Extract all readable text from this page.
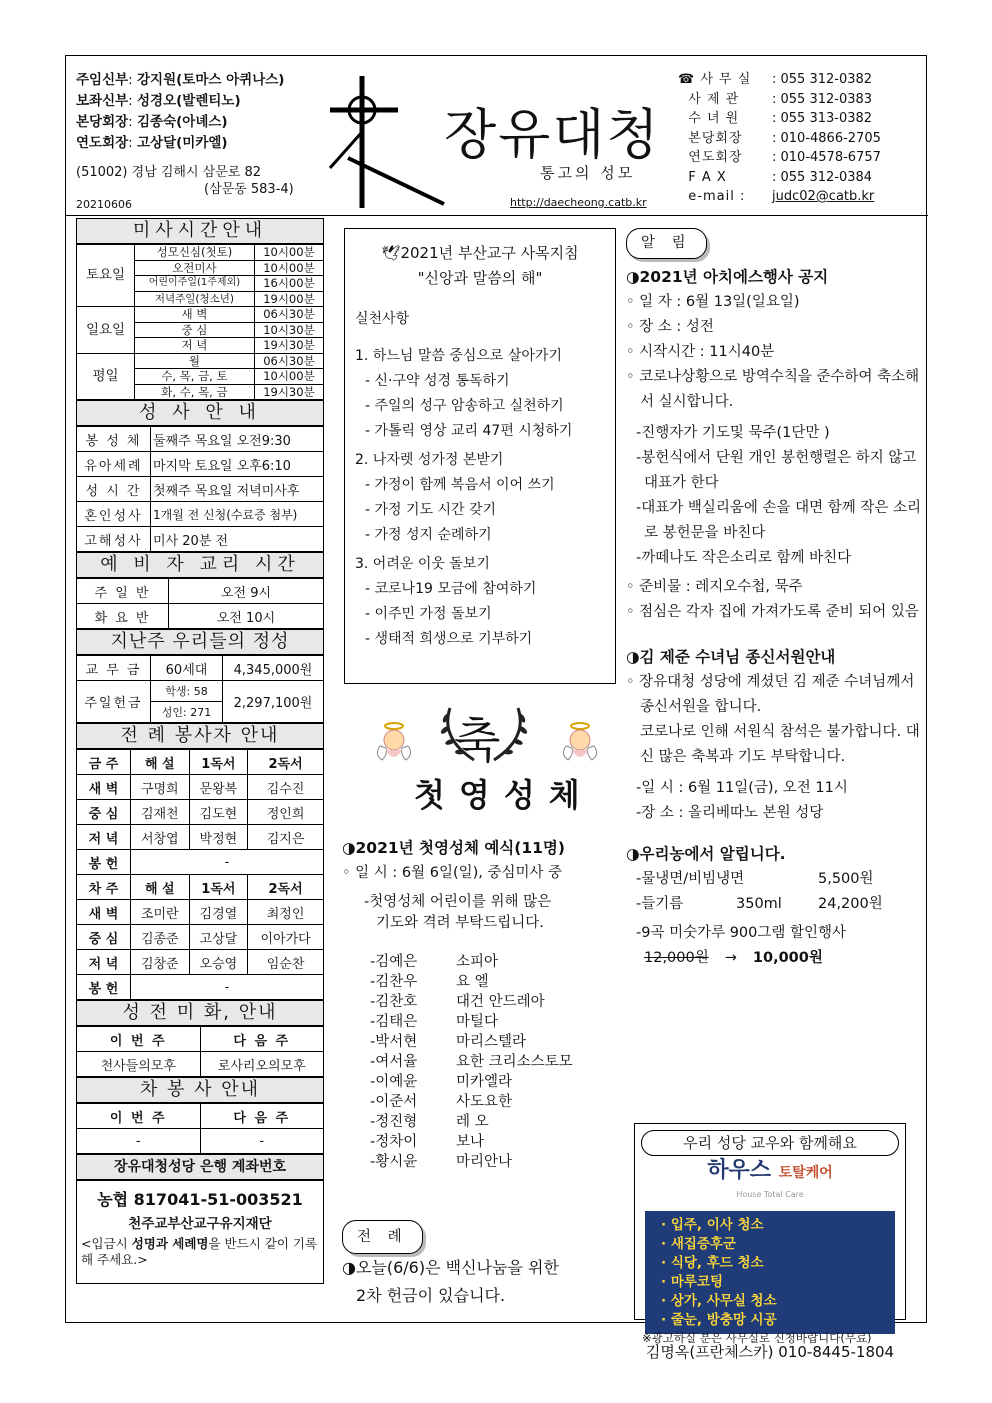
주임신부: 강지원(토마스 아퀴나스)
보좌신부: 성경오(발렌티노)
본당회장: 김종숙(아녜스)
연도회장: 고상달(미카엘)
(51002) 경남 김해시 삼문로 82
(삼문동 583-4)
20210606
장유대청
통고의 성모
http://daecheong.catb.kr
☎ 사 무 실	: 055 312-0382
사 제 관	: 055 312-0383
수 녀 원	: 055 313-0382
본당회장	: 010-4866-2705
연도회장	: 010-4578-6757
F A X	: 055 312-0384
e-mail :	judc02@catb.kr
미사시간안내
토요일	성모신심(첫토)	10시00분
	오전미사	10시00분
	어린이주일(1주제외)	16시00분
	저녁주일(청소년)	19시00분
일요일	새 벽	06시30분
	중 심	10시30분
	저 녁	19시30분
평일	월	06시30분
	수, 목, 금, 토	10시00분
	화, 수, 목, 금	19시30분
성 사 안 내
봉 성 체	둘째주 목요일 오전9:30
유아세례	마지막 토요일 오후6:10
성 시 간	첫째주 목요일 저녁미사후
혼인성사	1개월 전 신청(수료증 첨부)
고해성사	미사 20분 전
예 비 자 교리 시간
주 일 반	오전 9시
화 요 반	오전 10시
지난주 우리들의 정성
교 무 금	60세대	4,345,000원
주일헌금	학생: 58	2,297,100원
	성인: 271	
전 례 봉사자 안내
금 주	해 설	1독서	2독서
새 벽	구명희	문왕복	김수진
중 심	김재천	김도현	정인희
저 녁	서창엽	박정현	김지은
봉 헌	-		
차 주	해 설	1독서	2독서
새 벽	조미란	김경열	최정인
중 심	김종준	고상달	이아가다
저 녁	김창준	오승영	임순찬
봉 헌	-		
성 전 미 화, 안내
이 번 주	다 음 주
천사들의모후	로사리오의모후
차 봉 사 안내
이 번 주	다 음 주
-	-
장유대청성당 은행 계좌번호
농협 817041-51-003521
천주교부산교구유지재단
<입금시 성명과 세례명을 반드시 같이 기록해 주세요.>
🕊2021년 부산교구 사목지침
"신앙과 말씀의 해"
실천사항
1. 하느님 말씀 중심으로 살아가기
- 신·구약 성경 통독하기
- 주일의 성구 암송하고 실천하기
- 가톨릭 영상 교리 47편 시청하기
2. 나자렛 성가정 본받기
- 가정이 함께 복음서 이어 쓰기
- 가정 기도 시간 갖기
- 가정 성지 순례하기
3. 어려운 이웃 돌보기
- 코로나19 모금에 참여하기
- 이주민 가정 돌보기
- 생태적 희생으로 기부하기
축
첫영성체
◑2021년 첫영성체 예식(11명)
◦ 일 시 : 6월 6일(일), 중심미사 중
-첫영성체 어린이를 위해 많은
기도와 격려 부탁드립니다.
-김예은	소피아
-김찬우	요 엘
-김찬호	대건 안드레아
-김태은	마틸다
-박서현	마리스텔라
-여서율	요한 크리소스토모
-이예윤	미카엘라
-이준서	사도요한
-정진형	레 오
-정차이	보나
-황시윤	마리안나
전 례
◑오늘(6/6)은 백신나눔을 위한
2차 헌금이 있습니다.
알 림
◑2021년 아치에스행사 공지
◦ 일 자 : 6월 13일(일요일)
◦ 장 소 : 성전
◦ 시작시간 : 11시40분
◦ 코로나상황으로 방역수칙을 준수하여 축소해서 실시합니다.
-진행자가 기도및 묵주(1단만 )
-봉헌식에서 단원 개인 봉헌행렬은 하지 않고 대표가 한다
-대표가 백실리움에 손을 대면 함께 작은 소리로 봉헌문을 바친다
-까떼나도 작은소리로 함께 바친다
◦ 준비물 : 레지오수첩, 묵주
◦ 점심은 각자 집에 가져가도록 준비 되어 있음
◑김 제준 수녀님 종신서원안내
◦ 장유대청 성당에 계셨던 김 제준 수녀님께서 종신서원을 합니다.
코로나로 인해 서원식 참석은 불가합니다. 대신 많은 축복과 기도 부탁합니다.
-일 시 : 6월 11일(금), 오전 11시
-장 소 : 올리베따노 본원 성당
◑우리농에서 알립니다.
-물냉면/비빔냉면	5,500원
-들기름	350ml	24,200원
-9곡 미숫가루 900그램 할인행사
12,000원	→	10,000원
우리 성당 교우와 함께해요
하우스 토탈케어
House Total Care
· 입주, 이사 청소
· 새집증후군
· 식당, 후드 청소
· 마루코팅
· 상가, 사무실 청소
· 줄눈, 방충망 시공
김명옥(프란체스카) 010-8445-1804
※광고하실 분은 사무실로 신청바랍니다(무료)
